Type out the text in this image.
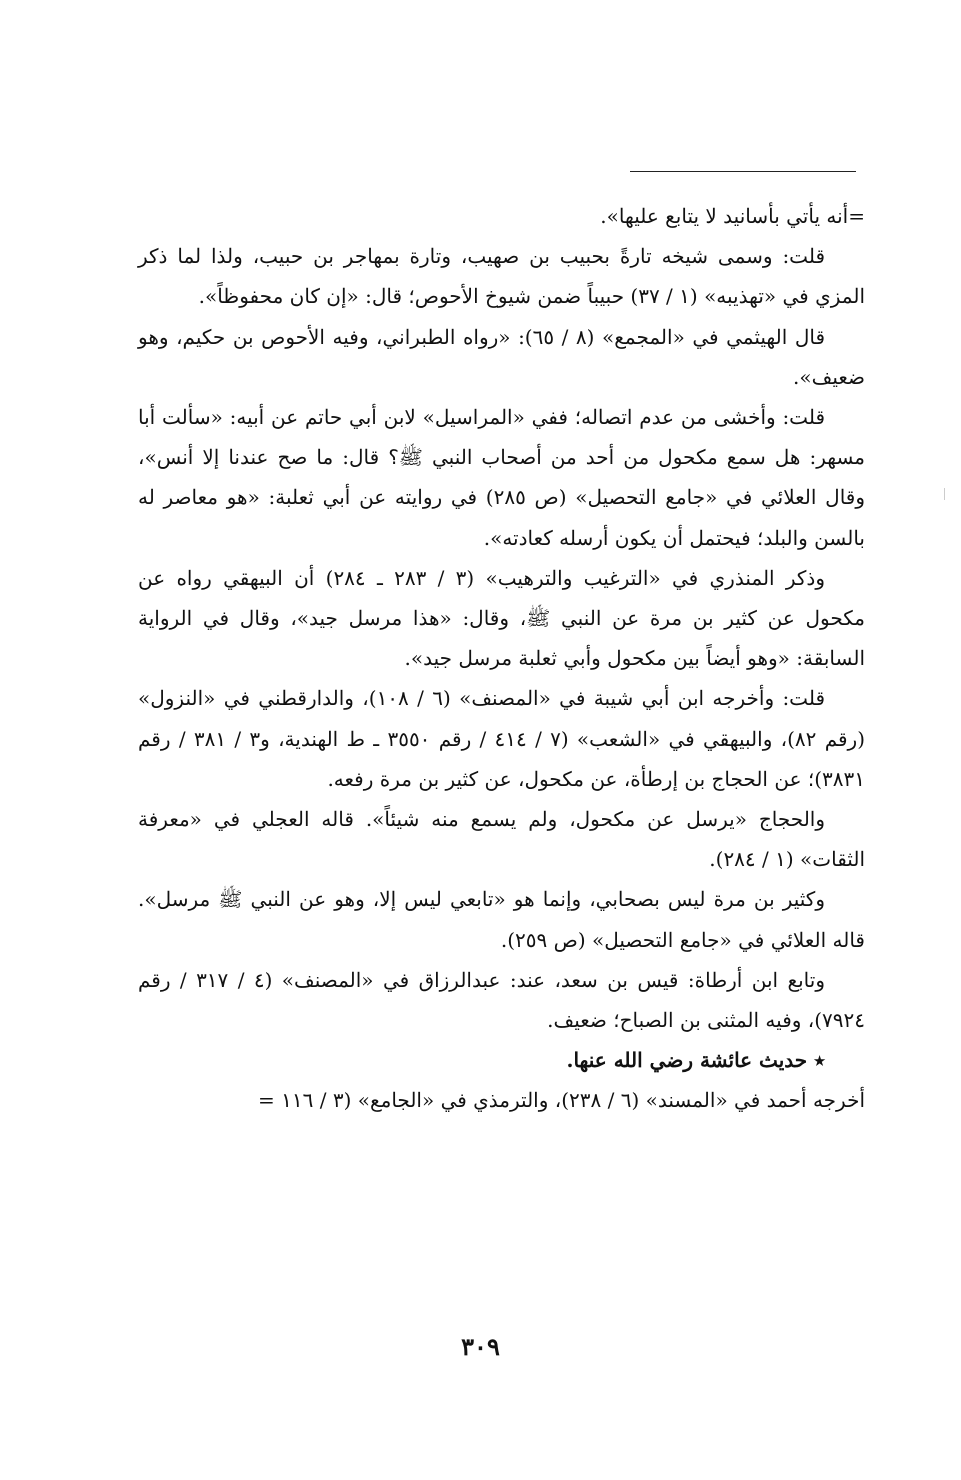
=أنه يأتي بأسانيد لا يتابع عليها».

قلت: وسمى شيخه تارةً بحبيب بن صهيب، وتارة بمهاجر بن حبيب، ولذا لما ذكر المزي في «تهذيبه» (١ / ٣٧) حبيباً ضمن شيوخ الأحوص؛ قال: «إن كان محفوظاً».

قال الهيثمي في «المجمع» (٨ / ٦٥): «رواه الطبراني، وفيه الأحوص بن حكيم، وهو ضعيف».

قلت: وأخشى من عدم اتصاله؛ ففي «المراسيل» لابن أبي حاتم عن أبيه: «سألت أبا مسهر: هل سمع مكحول من أحد من أصحاب النبي ﷺ؟ قال: ما صح عندنا إلا أنس»، وقال العلائي في «جامع التحصيل» (ص ٢٨٥) في روايته عن أبي ثعلبة: «هو معاصر له بالسن والبلد؛ فيحتمل أن يكون أرسله كعادته».

وذكر المنذري في «الترغيب والترهيب» (٣ / ٢٨٣ ـ ٢٨٤) أن البيهقي رواه عن مكحول عن كثير بن مرة عن النبي ﷺ، وقال: «هذا مرسل جيد»، وقال في الرواية السابقة: «وهو أيضاً بين مكحول وأبي ثعلبة مرسل جيد».

قلت: وأخرجه ابن أبي شيبة في «المصنف» (٦ / ١٠٨)، والدارقطني في «النزول» (رقم ٨٢)، والبيهقي في «الشعب» (٧ / ٤١٤ / رقم ٣٥٥٠ ـ ط الهندية، و٣ / ٣٨١ / رقم ٣٨٣١)؛ عن الحجاج بن إرطأة، عن مكحول، عن كثير بن مرة رفعه.

والحجاج «يرسل عن مكحول، ولم يسمع منه شيئاً». قاله العجلي في «معرفة الثقات» (١ / ٢٨٤).

وكثير بن مرة ليس بصحابي، وإنما هو «تابعي ليس إلا، وهو عن النبي ﷺ مرسل». قاله العلائي في «جامع التحصيل» (ص ٢٥٩).

وتابع ابن أرطاة: قيس بن سعد، عند: عبدالرزاق في «المصنف» (٤ / ٣١٧ / رقم ٧٩٢٤)، وفيه المثنى بن الصباح؛ ضعيف.

٭ حديث عائشة رضي الله عنها.

أخرجه أحمد في «المسند» (٦ / ٢٣٨)، والترمذي في «الجامع» (٣ / ١١٦ =

٣٠٩
